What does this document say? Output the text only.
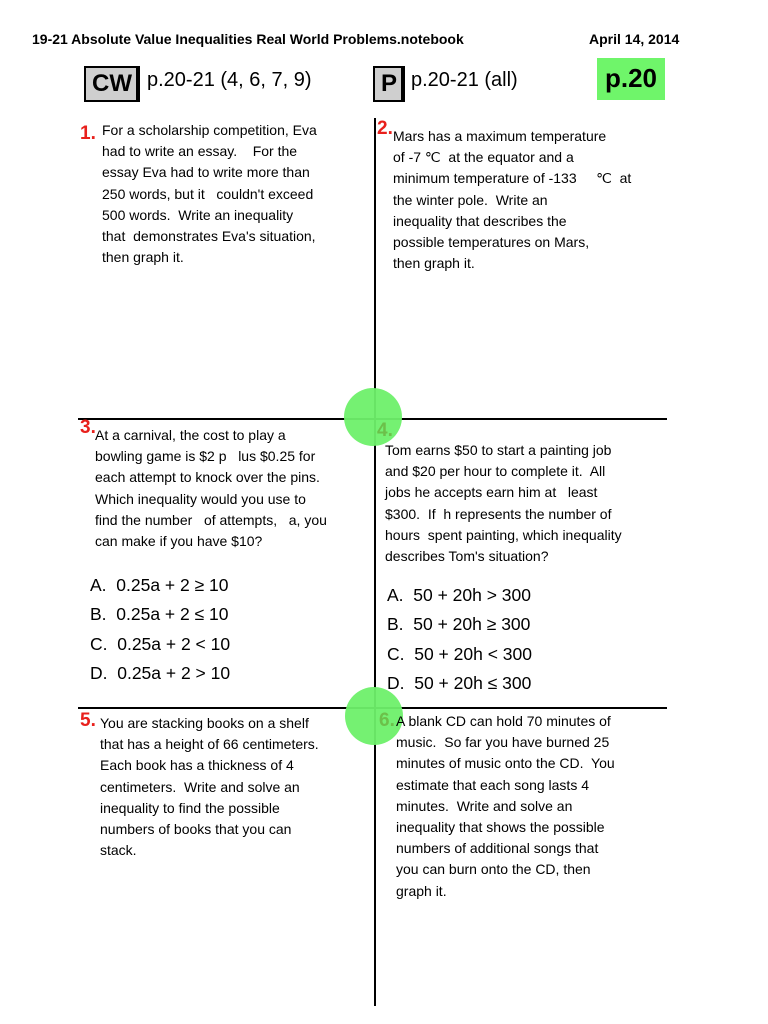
19-21 Absolute Value Inequalities Real World Problems.notebook	April 14, 2014
CW p.20-21 (4, 6, 7, 9)	P p.20-21 (all)	p.20
1. For a scholarship competition, Eva
had to write an essay.    For the
essay Eva had to write more than
250 words, but it   couldn't exceed
500 words.  Write an inequality
that  demonstrates Eva's situation,
then graph it.
2. Mars has a maximum temperature
of -7 ℃  at the equator and a
minimum temperature of -133     ℃  at
the winter pole.  Write an
inequality that describes the
possible temperatures on Mars,
then graph it.
3. At a carnival, the cost to play a
bowling game is $2 p   lus $0.25 for
each attempt to knock over the pins.
Which inequality would you use to
find the number   of attempts,   a, you
can make if you have $10?
A.  0.25a + 2 ≥ 10
B.  0.25a + 2 ≤ 10
C.  0.25a + 2 < 10
D.  0.25a + 2 > 10
4.
Tom earns $50 to start a painting job
and $20 per hour to complete it.  All
jobs he accepts earn him at   least
$300.  If  h represents the number of
hours  spent painting, which inequality
describes Tom's situation?
A.  50 + 20h > 300
B.  50 + 20h ≥ 300
C.  50 + 20h < 300
D.  50 + 20h ≤ 300
5. You are stacking books on a shelf
that has a height of 66 centimeters.
Each book has a thickness of 4
centimeters.  Write and solve an
inequality to find the possible
numbers of books that you can
stack.
6. A blank CD can hold 70 minutes of
music.  So far you have burned 25
minutes of music onto the CD.  You
estimate that each song lasts 4
minutes.  Write and solve an
inequality that shows the possible
numbers of additional songs that
you can burn onto the CD, then
graph it.
